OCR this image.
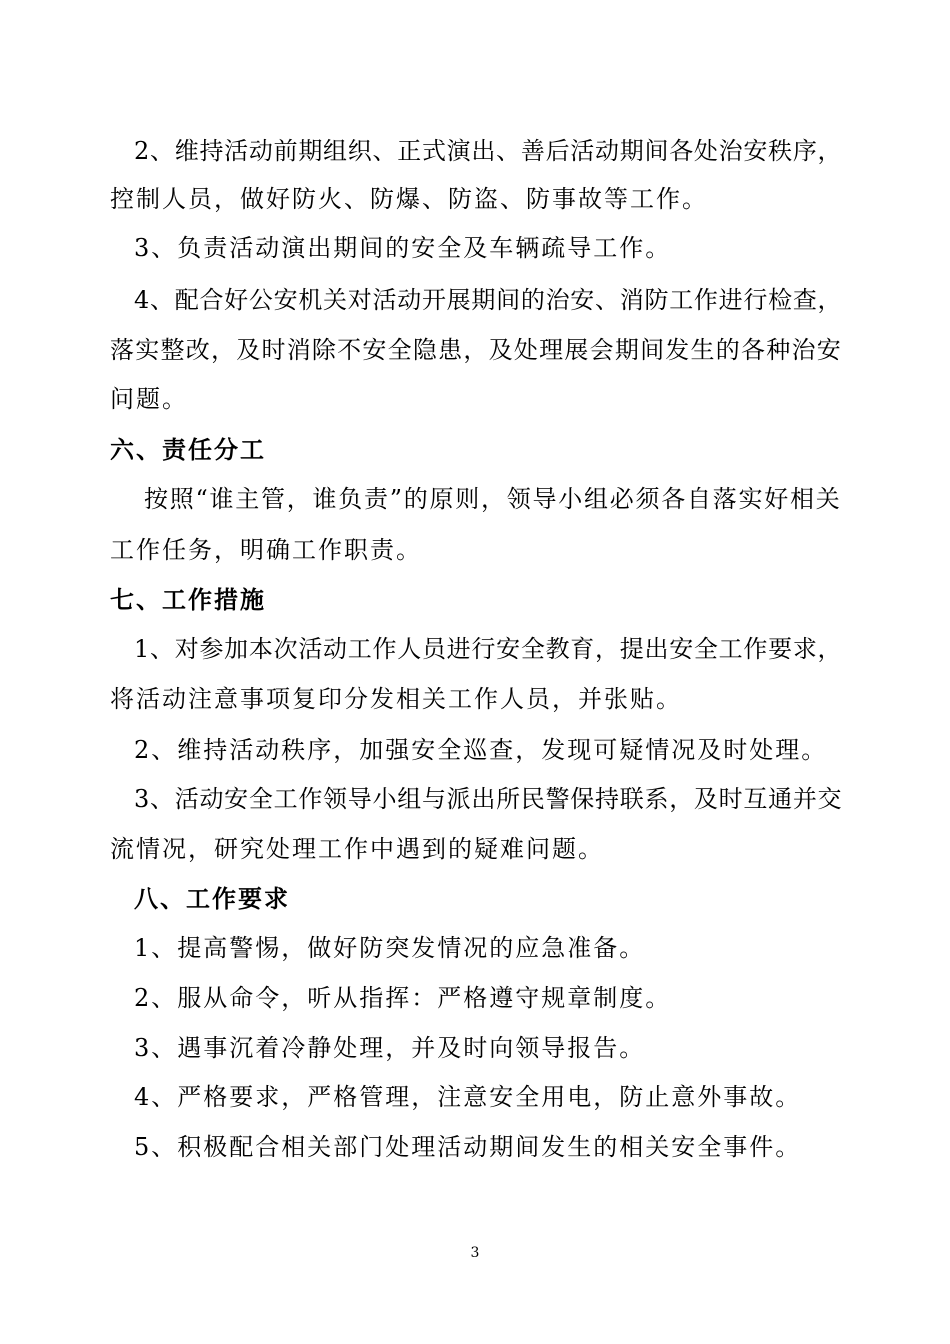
2、维持活动前期组织、正式演出、善后活动期间各处治安秩序，
控制人员，做好防火、防爆、防盗、防事故等工作。
3、负责活动演出期间的安全及车辆疏导工作。
4、配合好公安机关对活动开展期间的治安、消防工作进行检查，
落实整改，及时消除不安全隐患，及处理展会期间发生的各种治安
问题。
六、责任分工
按照“谁主管，谁负责”的原则，领导小组必须各自落实好相关
工作任务，明确工作职责。
七、工作措施
1、对参加本次活动工作人员进行安全教育，提出安全工作要求，
将活动注意事项复印分发相关工作人员，并张贴。
2、维持活动秩序，加强安全巡查，发现可疑情况及时处理。
3、活动安全工作领导小组与派出所民警保持联系，及时互通并交
流情况，研究处理工作中遇到的疑难问题。
八、工作要求
1、提高警惕，做好防突发情况的应急准备。
2、服从命令，听从指挥：严格遵守规章制度。
3、遇事沉着冷静处理，并及时向领导报告。
4、严格要求，严格管理，注意安全用电，防止意外事故。
5、积极配合相关部门处理活动期间发生的相关安全事件。
3
